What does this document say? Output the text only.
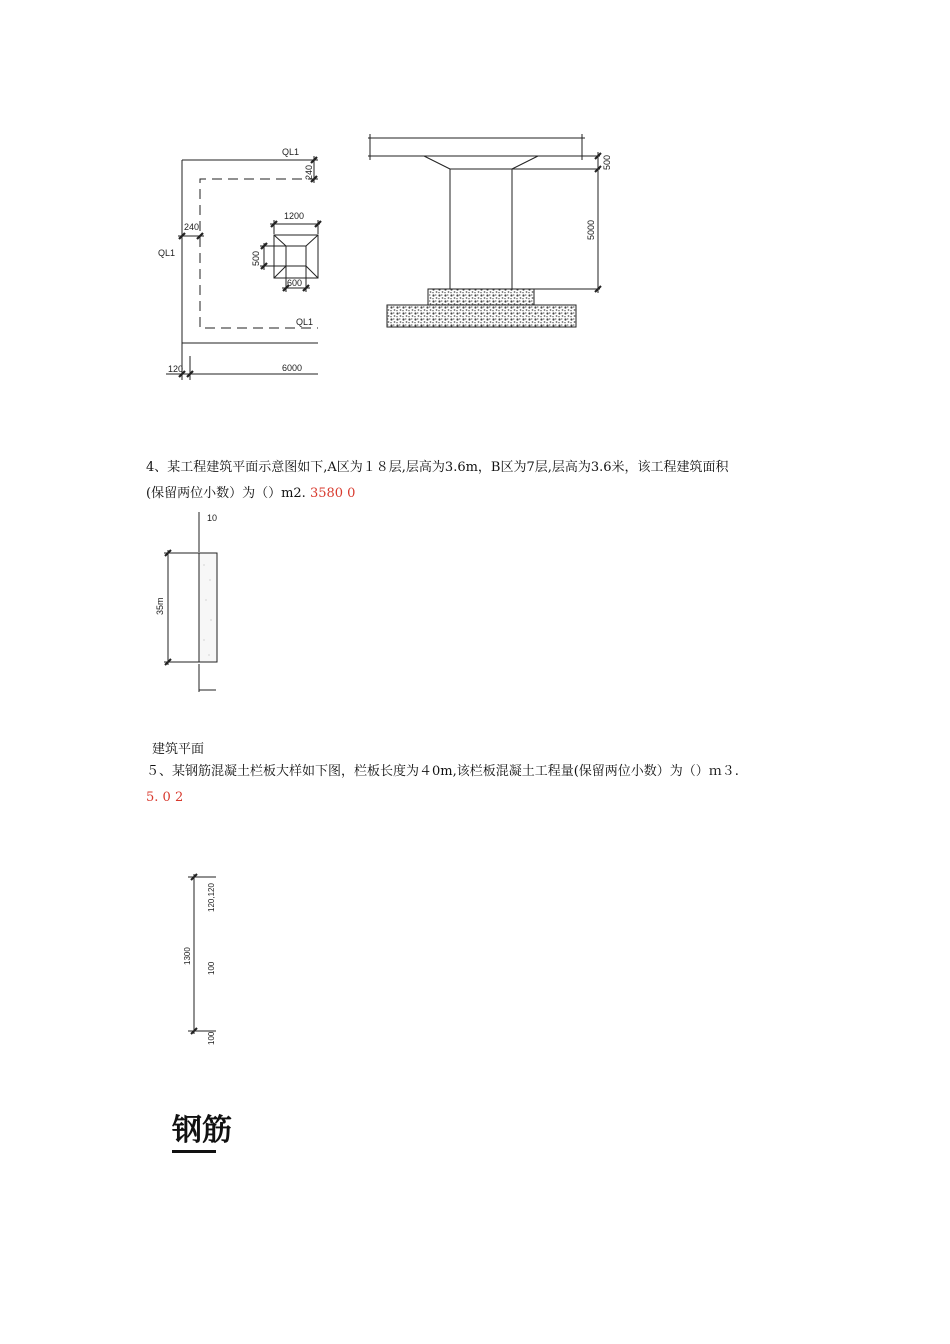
QL1
QL1
QL1
240
240
1200
500
600
120	6000
500
5000
10
35m
1300
120,120
100
100
4、某工程建筑平面示意图如下,A区为１８层,层高为3.6m，B区为7层,层高为3.6米，该工程建筑面积
(保留两位小数）为（）m2. 3580 0
建筑平面
５、某钢筋混凝土栏板大样如下图，栏板长度为４0m,该栏板混凝土工程量(保留两位小数）为（）ｍ３.
5. 0 2
钢筋
